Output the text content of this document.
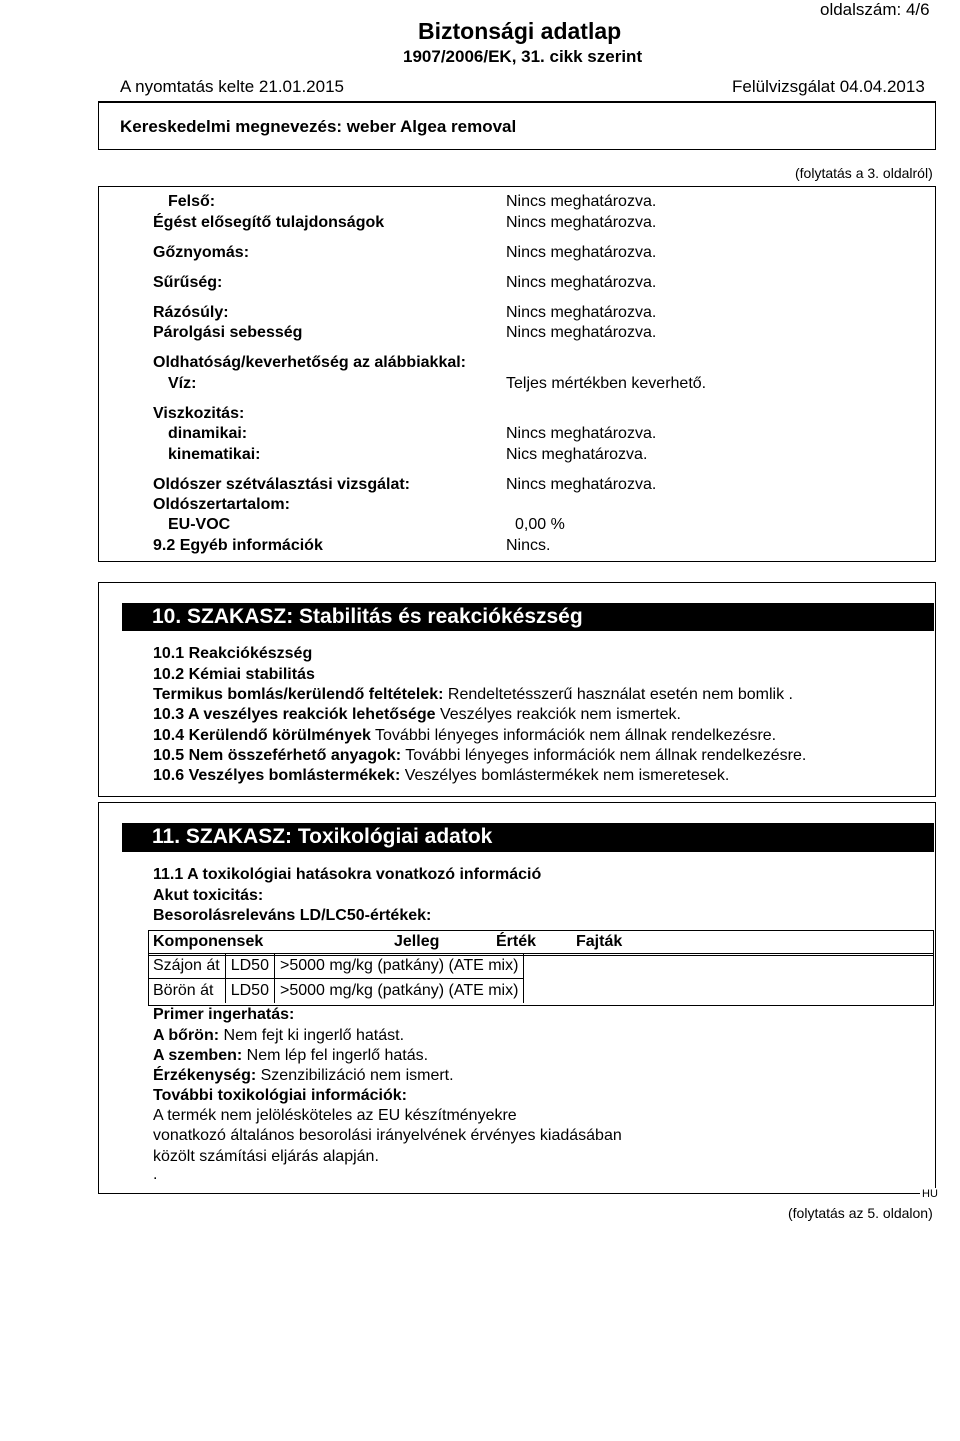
oldalszám: 4/6
Biztonsági adatlap
1907/2006/EK, 31. cikk szerint
A nyomtatás kelte 21.01.2015	Felülvizsgálat 04.04.2013
Kereskedelmi megnevezés: weber Algea removal
(folytatás a 3. oldalról)
Felső:	Nincs meghatározva.
Égést elősegítő tulajdonságok	Nincs meghatározva.
Gőznyomás:	Nincs meghatározva.
Sűrűség:	Nincs meghatározva.
Rázósúly:	Nincs meghatározva.
Párolgási sebesség	Nincs meghatározva.
Oldhatóság/keverhetőség az alábbiakkal:
Víz:	Teljes mértékben keverhető.
Viszkozitás:
dinamikai:	Nincs meghatározva.
kinematikai:	Nics meghatározva.
Oldószer szétválasztási vizsgálat:	Nincs meghatározva.
Oldószertartalom:
EU-VOC	0,00 %
9.2 Egyéb információk	Nincs.
10. SZAKASZ: Stabilitás és reakciókészség
10.1 Reakciókészség
10.2 Kémiai stabilitás
Termikus bomlás/kerülendő feltételek: Rendeltetésszerű használat esetén nem bomlik .
10.3 A veszélyes reakciók lehetősége Veszélyes reakciók nem ismertek.
10.4 Kerülendő körülmények További lényeges információk nem állnak rendelkezésre.
10.5 Nem összeférhető anyagok: További lényeges információk nem állnak rendelkezésre.
10.6 Veszélyes bomlástermékek: Veszélyes bomlástermékek nem ismeretesek.
11. SZAKASZ: Toxikológiai adatok
11.1 A toxikológiai hatásokra vonatkozó információ
Akut toxicitás:
Besorolásreleváns LD/LC50-értékek:
Komponensek	Jelleg	Érték Fajták
Szájon át	LD50	>5000 mg/kg (patkány) (ATE mix)
Börön át	LD50	>5000 mg/kg (patkány) (ATE mix)
Primer ingerhatás:
A bőrön: Nem fejt ki ingerlő hatást.
A szemben: Nem lép fel ingerlő hatás.
Érzékenység: Szenzibilizáció nem ismert.
További toxikológiai információk:
A termék nem jelölésköteles az EU készítményekre
vonatkozó általános besorolási irányelvének érvényes kiadásában
közölt számítási eljárás alapján.
.
HU
(folytatás az 5. oldalon)
